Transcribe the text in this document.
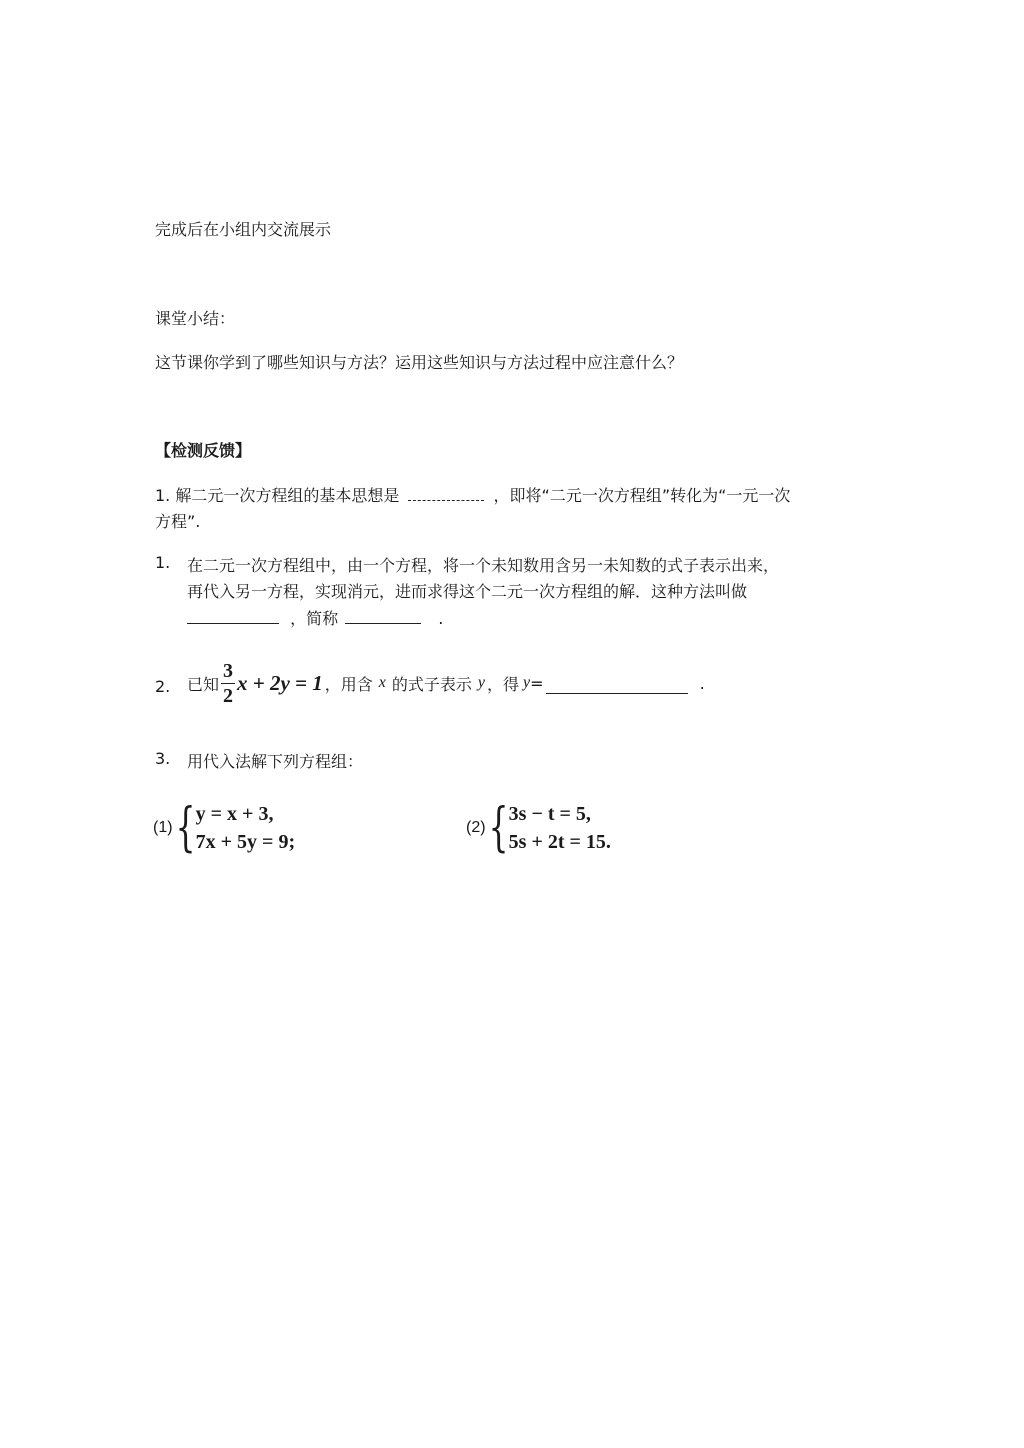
完成后在小组内交流展示
课堂小结：
这节课你学到了哪些知识与方法？运用这些知识与方法过程中应注意什么？
【检测反馈】
1. 解二元一次方程组的基本思想是	，即将“二元一次方程组”转化为“一元一次
方程”.
1. 在二元一次方程组中，由一个方程，将一个未知数用含另一未知数的式子表示出来，
再代入另一方程，实现消元，进而求得这个二元一次方程组的解．这种方法叫做
，简称	.
2. 已知 $\frac{3}{2}$ x + 2y = 1 ，用含 x 的式子表示 y ，得 y =	.
3. 用代入法解下列方程组：
(1) { y = x + 3,
7x + 5y = 9;
(2) { 3s − t = 5,
5s + 2t = 15.
